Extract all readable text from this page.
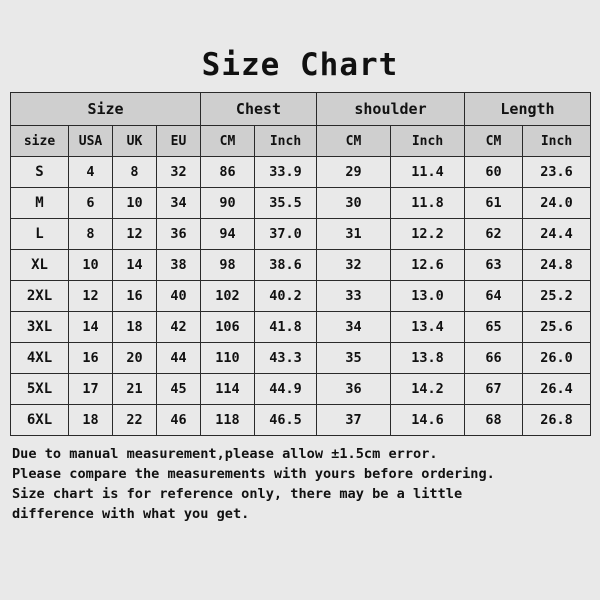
Size Chart
Size				Chest		shoulder		Length	
size	USA	UK	EU	CM	Inch	CM	Inch	CM	Inch
S	4	8	32	86	33.9	29	11.4	60	23.6
M	6	10	34	90	35.5	30	11.8	61	24.0
L	8	12	36	94	37.0	31	12.2	62	24.4
XL	10	14	38	98	38.6	32	12.6	63	24.8
2XL	12	16	40	102	40.2	33	13.0	64	25.2
3XL	14	18	42	106	41.8	34	13.4	65	25.6
4XL	16	20	44	110	43.3	35	13.8	66	26.0
5XL	17	21	45	114	44.9	36	14.2	67	26.4
6XL	18	22	46	118	46.5	37	14.6	68	26.8
Due to manual measurement,please allow ±1.5cm error.
Please compare the measurements with yours before ordering.
Size chart is for reference only, there may be a little
difference with what you get.
